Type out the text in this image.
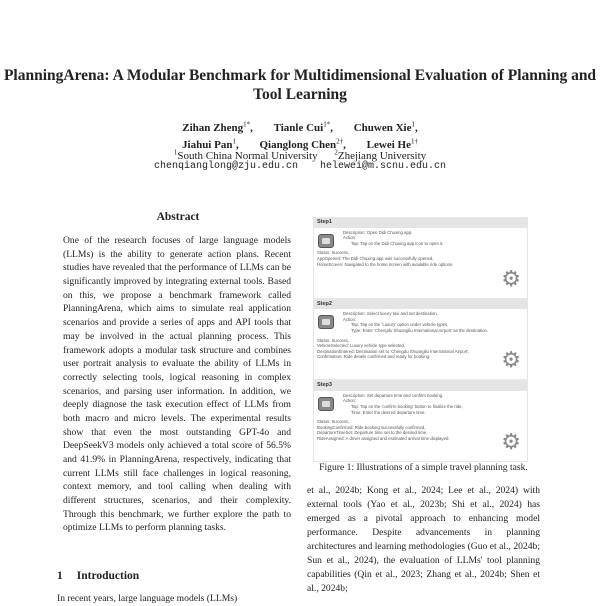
PlanningArena: A Modular Benchmark for Multidimensional Evaluation of Planning and Tool Learning
Zihan Zheng$^{1*}$, Tianle Cui$^{1*}$, Chuwen Xie$^1$,
Jiahui Pan$^1$, Qianglong Chen$^{2\dagger}$, Lewei $He^{1\dagger}$
$^1$South China Normal University $^2$Zhejiang University
chenqianglong@zju.edu.cn helewei@m.scnu.edu.cn
Abstract
One of the research focuses of large language models (LLMs) is the ability to generate action plans. Recent studies have revealed that the performance of LLMs can be significantly improved by integrating external tools. Based on this, we propose a benchmark framework called PlanningArena, which aims to simulate real application scenarios and provide a series of apps and API tools that may be involved in the actual planning process. This framework adopts a modular task structure and combines user portrait analysis to evaluate the ability of LLMs in correctly selecting tools, logical reasoning in complex scenarios, and parsing user information. In addition, we deeply diagnose the task execution effect of LLMs from both macro and micro levels. The experimental results show that even the most outstanding GPT-4o and DeepSeekV3 models only achieved a total score of 56.5% and 41.9% in PlanningArena, respectively, indicating that current LLMs still face challenges in logical reasoning, context memory, and tool calling when dealing with different structures, scenarios, and their complexity. Through this benchmark, we further explore the path to optimize LLMs to perform planning tasks.
1 Introduction
In recent years, large language models (LLMs)
Step1
Description: Open Didi Chuxing app.
Action:
Tap: Tap on the Didi Chuxing app icon to open it.
Status: Success,
AppOpened: The Didi Chuxing app was successfully opened,
HomeScreen: Navigated to the home screen with available ride options.
⚙
Step2
Description: Select luxury taxi and set destination.
Action:
Tap: Tap on the 'Luxury' option under vehicle types,
Type: Enter 'Chengdu Shuangliu International Airport' as the destination.
Status: Success,
VehicleSelected: Luxury vehicle type selected,
DestinationEntered: Destination set to 'Chengdu Shuangliu International Airport',
Confirmation: Ride details confirmed and ready for booking.	⚙
Step3
Description: Set departure time and confirm booking.
Action:
Tap: Tap on the 'confirm booking' button to finalize the ride,
Time: Enter the desired departure time.
Status: Success,
BookingConfirmed: Ride booking successfully confirmed,
DepartureTimeSet: Departure time set to the desired time,
RideAssigned: A driver assigned and estimated arrival time displayed.	⚙
Figure 1: Illustrations of a simple travel planning task.
et al., 2024b; Kong et al., 2024; Lee et al., 2024) with external tools (Yao et al., 2023b; Shi et al., 2024) has emerged as a pivotal approach to enhancing model performance. Despite advancements in planning architectures and learning methodologies (Guo et al., 2024b; Sun et al., 2024), the evaluation of LLMs' tool planning capabilities (Qin et al., 2023; Zhang et al., 2024b; Shen et al., 2024b;
